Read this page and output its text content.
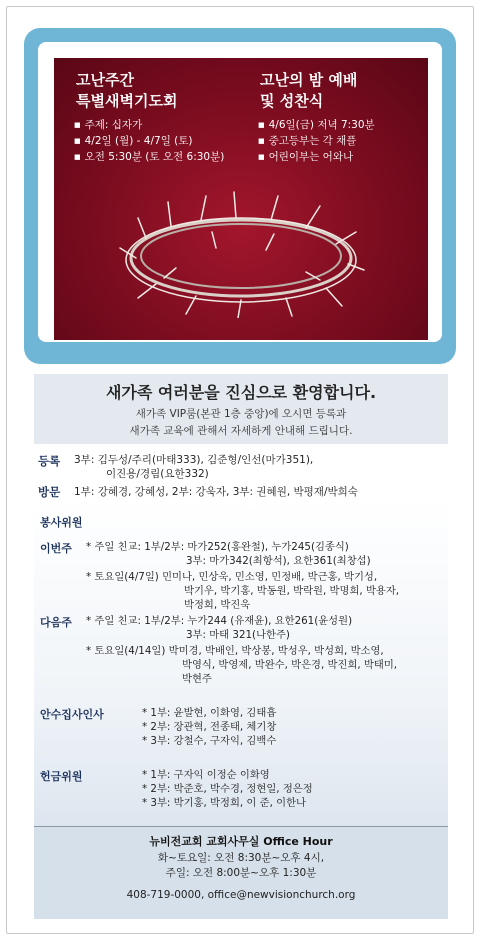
고난주간
특별새벽기도회
■ 주제: 십자가
■ 4/2일 (월) - 4/7일 (토)
■ 오전 5:30분 (토 오전 6:30분)
고난의 밤 예배
및 성찬식
■ 4/6일(금) 저녁 7:30분
■ 중고등부는 각 채플
■ 어린이부는 어와나
새가족 여러분을 진심으로 환영합니다.
새가족 VIP룸(본관 1층 중앙)에 오시면 등록과
새가족 교육에 관해서 자세하게 안내해 드립니다.
등록 3부: 김두성/주리(마태333), 김준형/인선(마가351),
이진용/경림(요한332)
방문 1부: 강혜경, 강혜성, 2부: 강욱자, 3부: 권혜원, 박평재/박희숙
봉사위원
이번주 * 주일 친교: 1부/2부: 마가252(홍완철), 누가245(김종식)
3부: 마가342(최항석), 요한361(최창섭)
* 토요일(4/7일) 민미나, 민상욱, 민소영, 민정배, 박근홍, 박기성,
박기우, 박기홍, 박동원, 박락원, 박명희, 박용자,
박정희, 박진욱
다음주 * 주일 친교: 1부/2부: 누가244 (유재윤), 요한261(윤성원)
3부: 마태 321(나한주)
* 토요일(4/14일) 박미경, 박배인, 박상봉, 박성우, 박성희, 박소영,
박영식, 박영제, 박완수, 박은경, 박진희, 박태미,
박현주
안수집사인사	* 1부: 윤발현, 이화영, 김태흡
* 2부: 장관혁, 전종태, 체기창
* 3부: 강철수, 구자익, 김백수
헌금위원	* 1부: 구자익 이정순 이화영
* 2부: 박준호, 박수경, 정현일, 정은정
* 3부: 박기홍, 박정희, 이 준, 이한나
뉴비전교회 교회사무실 Office Hour
화~토요일: 오전 8:30분~오후 4시,
주일: 오전 8:00분~오후 1:30분
408-719-0000, office@newvisionchurch.org
